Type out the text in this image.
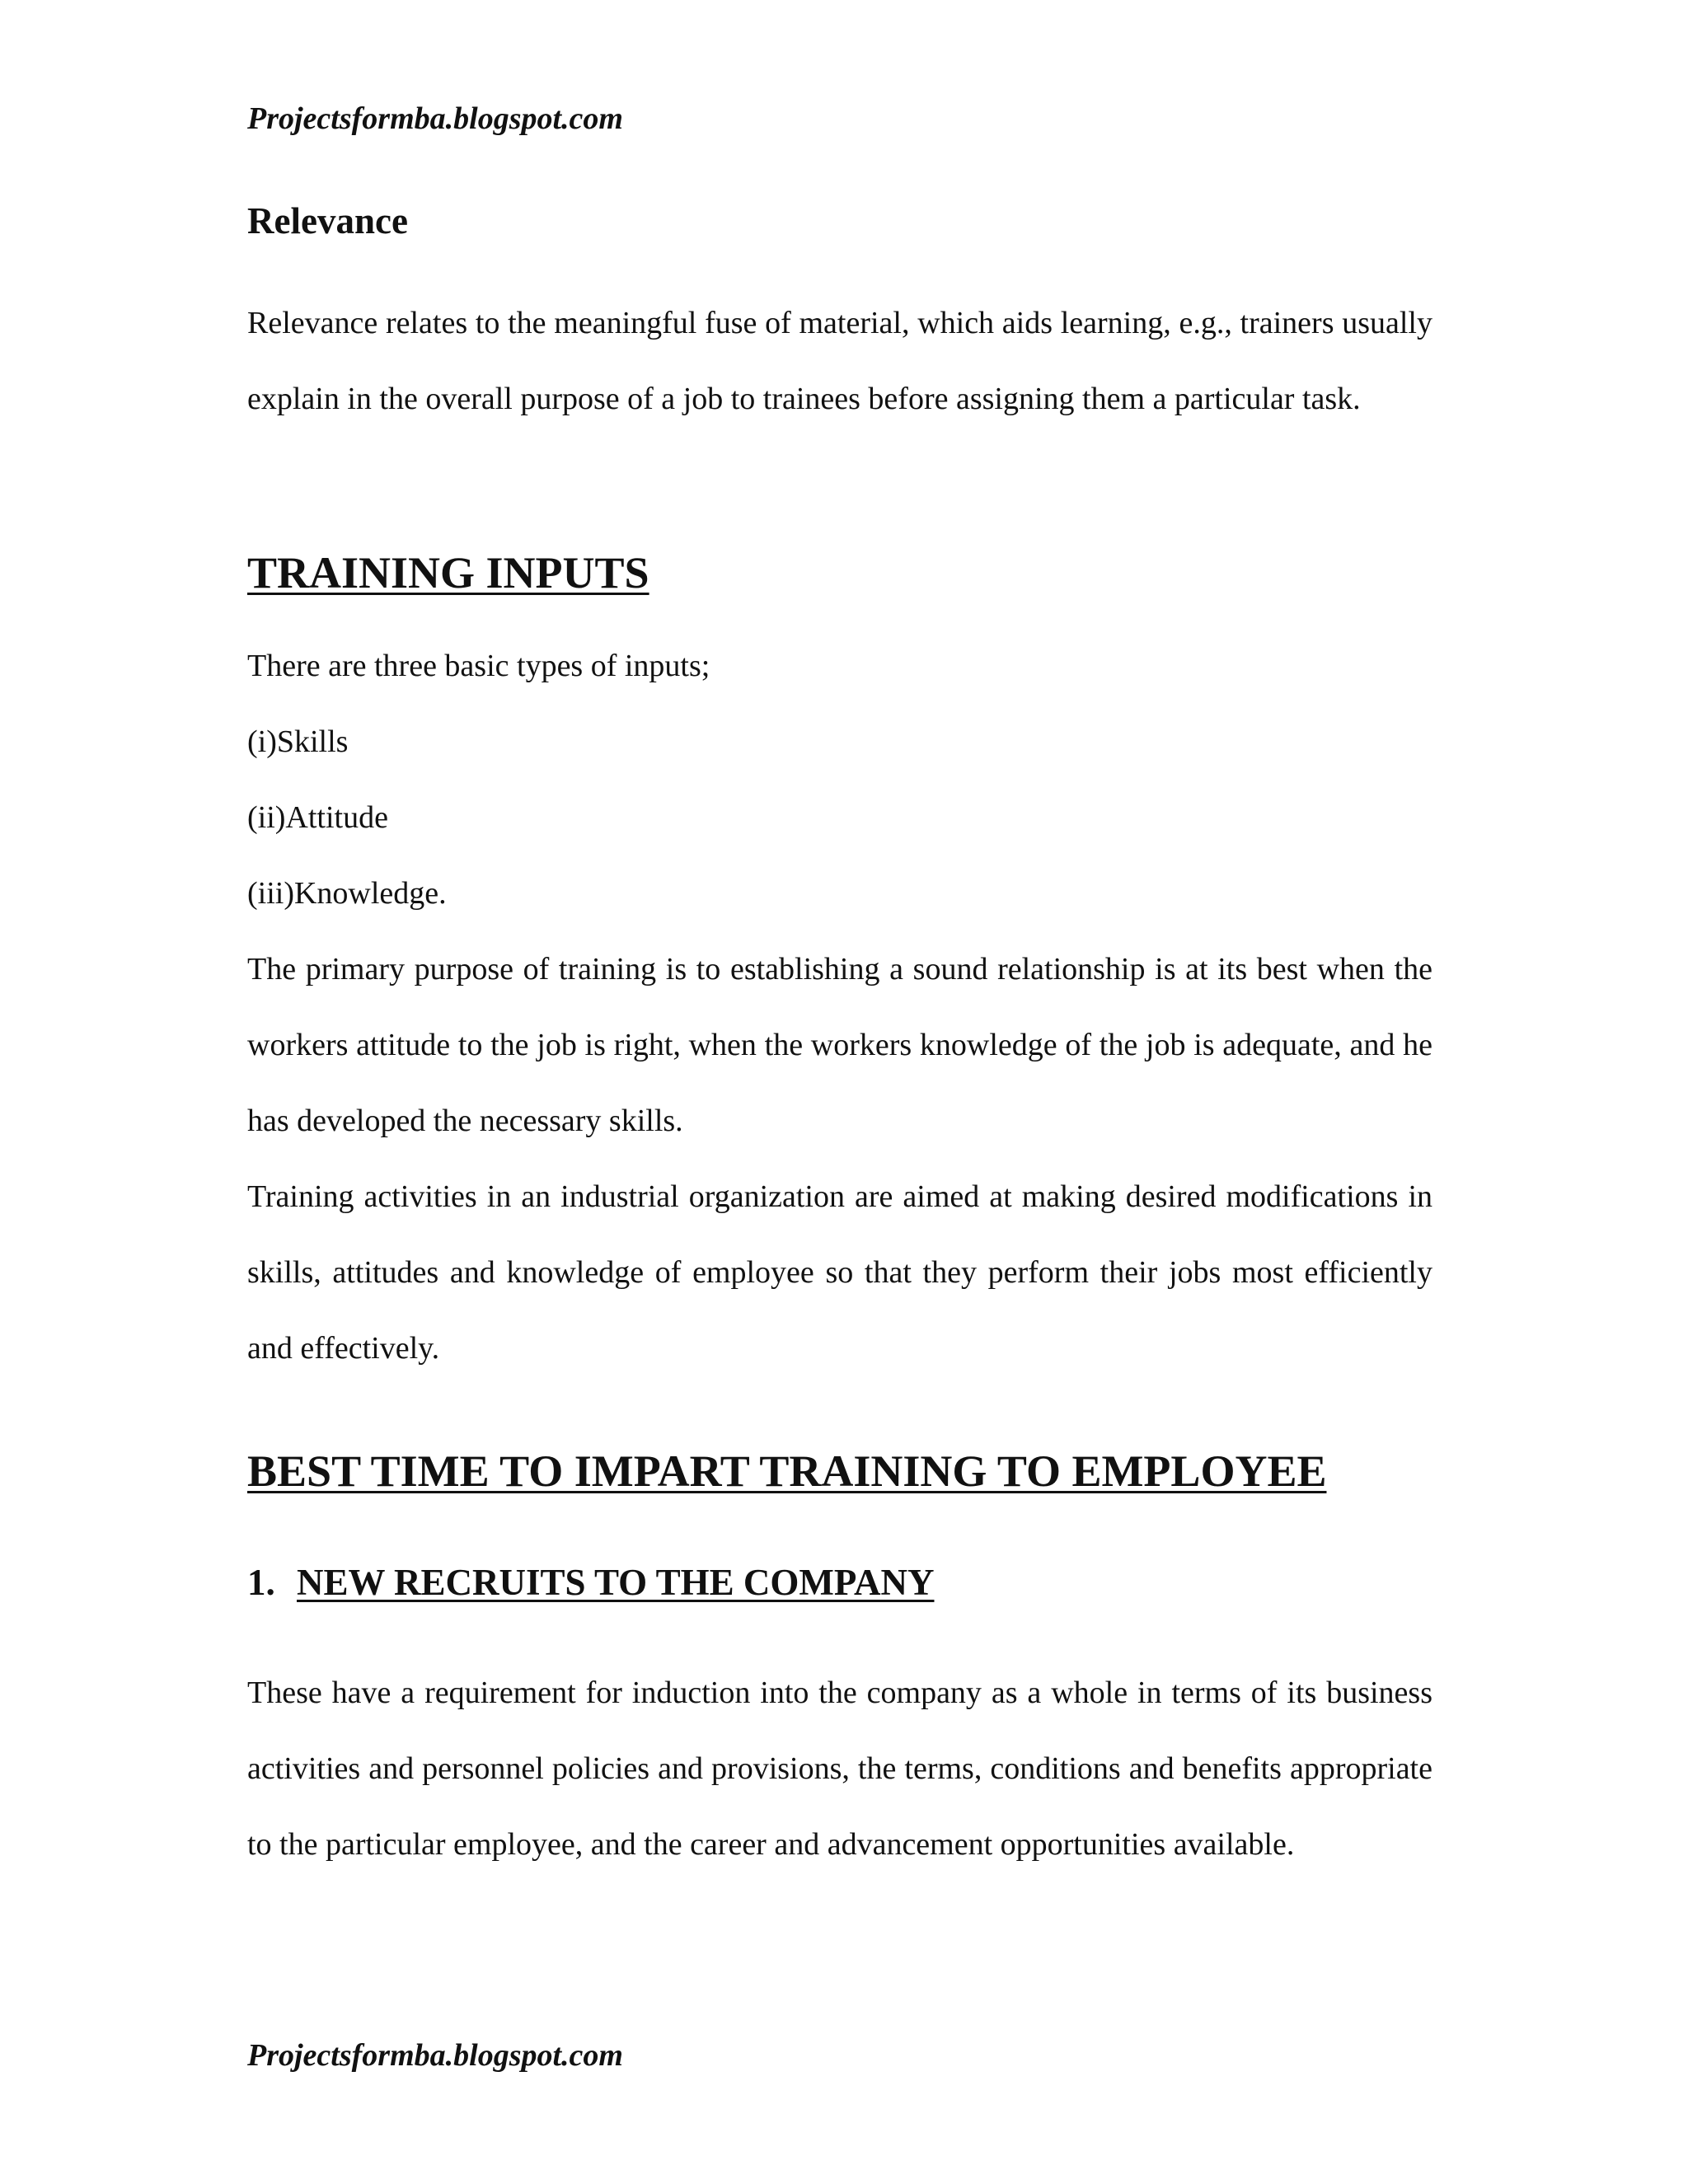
Projectsformba.blogspot.com

Relevance

Relevance relates to the meaningful fuse of material, which aids learning, e.g., trainers usually explain in the overall purpose of a job to trainees before assigning them a particular task.

TRAINING INPUTS

There are three basic types of inputs;

(i)Skills

(ii)Attitude

(iii)Knowledge.

The primary purpose of training is to establishing a sound relationship is at its best when the workers attitude to the job is right, when the workers knowledge of the job is adequate, and he has developed the necessary skills.

Training activities in an industrial organization are aimed at making desired modifications in skills, attitudes and knowledge of employee so that they perform their jobs most efficiently and effectively.

BEST TIME TO IMPART TRAINING TO EMPLOYEE
1. NEW RECRUITS TO THE COMPANY

These have a requirement for induction into the company as a whole in terms of its business activities and personnel policies and provisions, the terms, conditions and benefits appropriate to the particular employee, and the career and advancement opportunities available.

Projectsformba.blogspot.com
